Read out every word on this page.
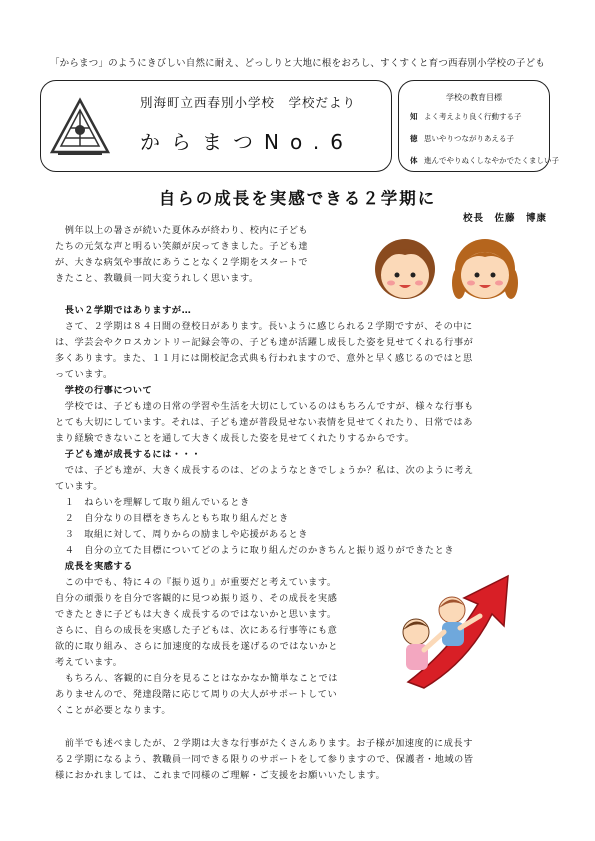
「からまつ」のようにきびしい自然に耐え、どっしりと大地に根をおろし、すくすくと育つ西春別小学校の子ども
別海町立西春別小学校　学校だより
からまつNo.6
学校の教育目標
知 よく考えより良く行動する子
徳 思いやりつながりあえる子
体 進んでやりぬくしなやかでたくましい子
自らの成長を実感できる２学期に
校長　佐藤　博康
　例年以上の暑さが続いた夏休みが終わり、校内に子ども
たちの元気な声と明るい笑顔が戻ってきました。子ども達
が、大きな病気や事故にあうことなく２学期をスタートで
きたこと、教職員一同大変うれしく思います。
　長い２学期ではありますが…
　さて、２学期は８４日間の登校日があります。長いように感じられる２学期ですが、その中に
は、学芸会やクロスカントリー記録会等の、子ども達が活躍し成長した姿を見せてくれる行事が
多くあります。また、１１月には開校記念式典も行われますので、意外と早く感じるのではと思
っています。
　学校の行事について
　学校では、子ども達の日常の学習や生活を大切にしているのはもちろんですが、様々な行事も
とても大切にしています。それは、子ども達が普段見せない表情を見せてくれたり、日常ではあ
まり経験できないことを通して大きく成長した姿を見せてくれたりするからです。
　子ども達が成長するには・・・
　では、子ども達が、大きく成長するのは、どのようなときでしょうか？私は、次のように考え
ています。
　１　ねらいを理解して取り組んでいるとき
　２　自分なりの目標をきちんともち取り組んだとき
　３　取組に対して、周りからの励ましや応援があるとき
　４　自分の立てた目標についてどのように取り組んだのかきちんと振り返りができたとき
　成長を実感する
　この中でも、特に４の『振り返り』が重要だと考えています。
自分の頑張りを自分で客観的に見つめ振り返り、その成長を実感
できたときに子どもは大きく成長するのではないかと思います。
さらに、自らの成長を実感した子どもは、次にある行事等にも意
欲的に取り組み、さらに加速度的な成長を遂げるのではないかと
考えています。
　もちろん、客観的に自分を見ることはなかなか簡単なことでは
ありませんので、発達段階に応じて周りの大人がサポートしてい
くことが必要となります。
　前半でも述べましたが、２学期は大きな行事がたくさんあります。お子様が加速度的に成長す
る２学期になるよう、教職員一同できる限りのサポートをして参りますので、保護者・地域の皆
様におかれましては、これまで同様のご理解・ご支援をお願いいたします。
